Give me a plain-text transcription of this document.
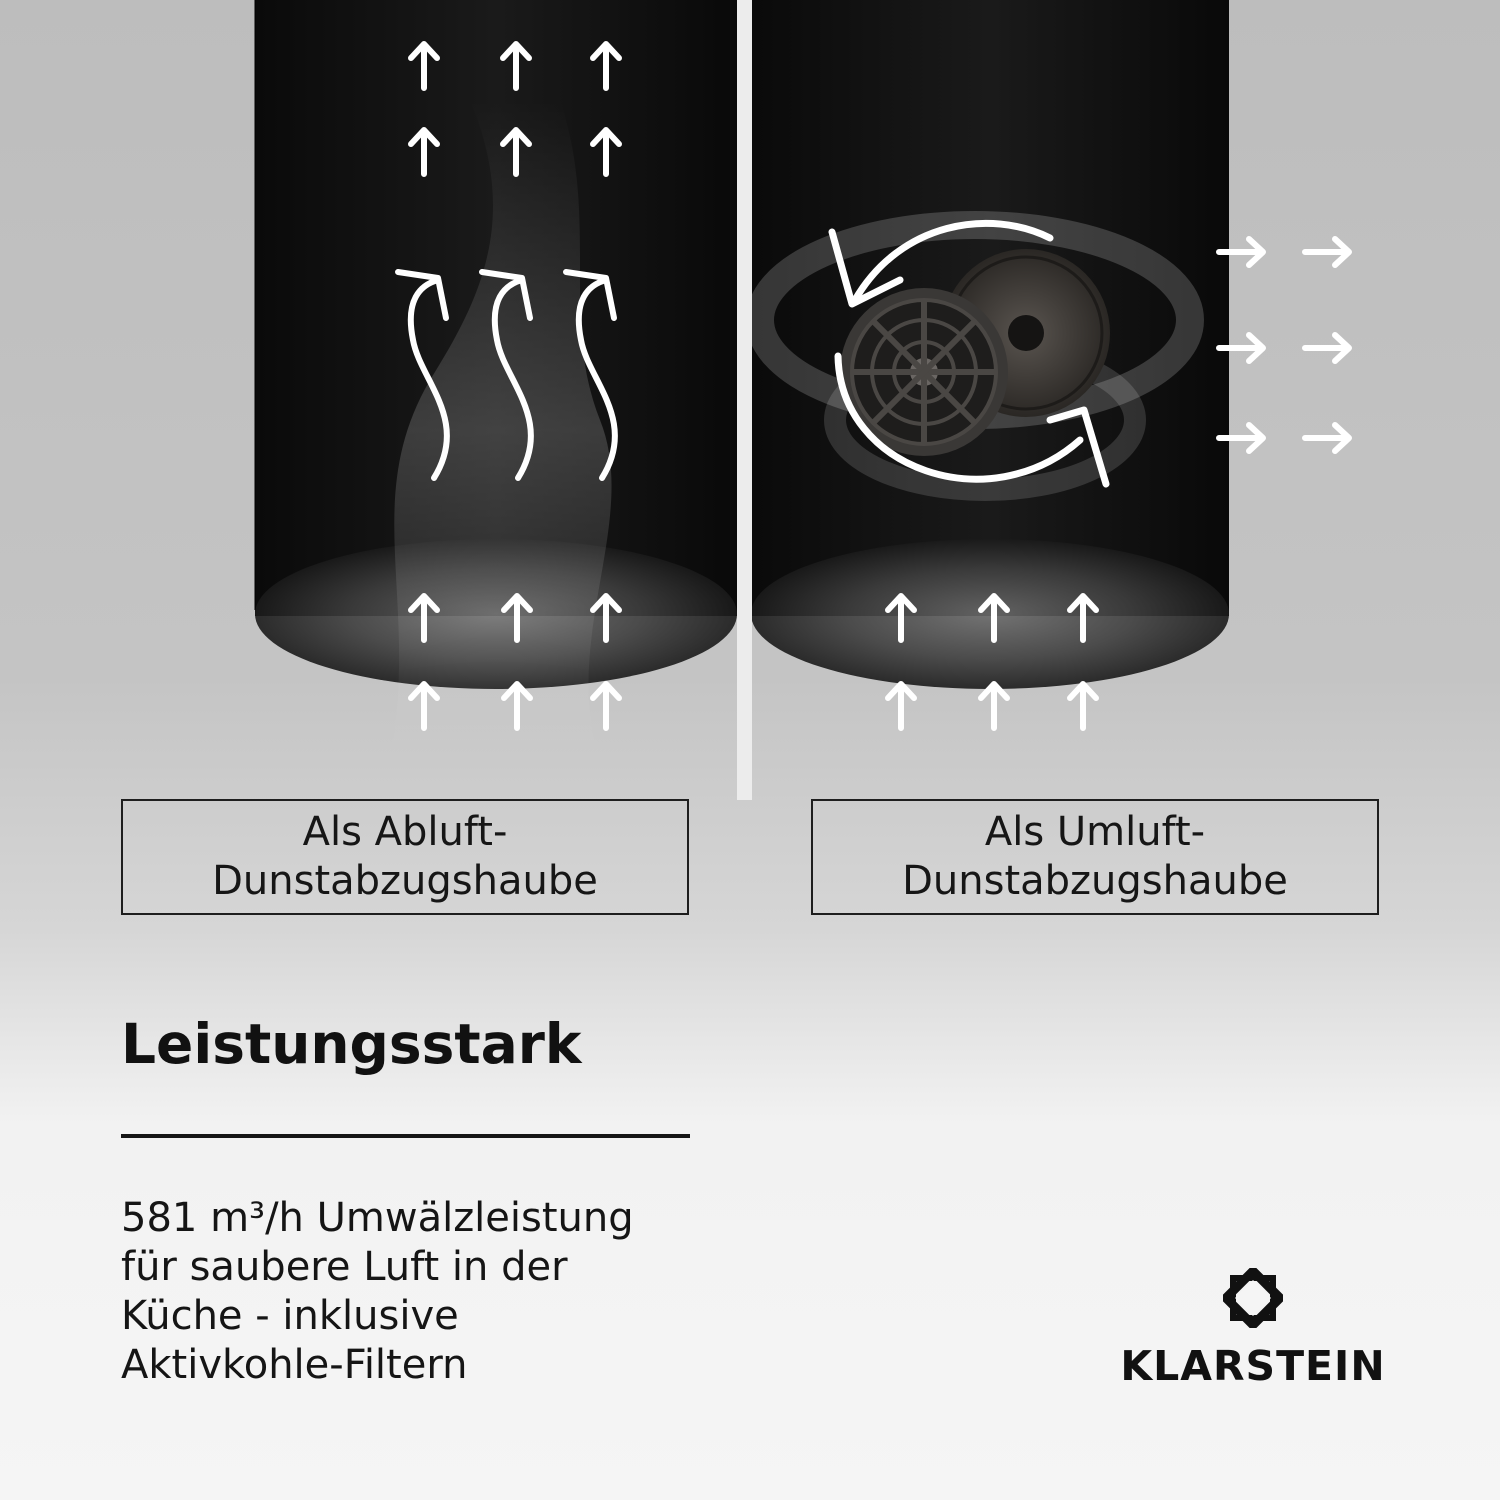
Als Abluft-
Dunstabzugshaube
Als Umluft-
Dunstabzugshaube
Leistungsstark

581 m³/h Umwälzleistung
für saubere Luft in der
Küche - inklusive
Aktivkohle-Filtern	KLARSTEIN
